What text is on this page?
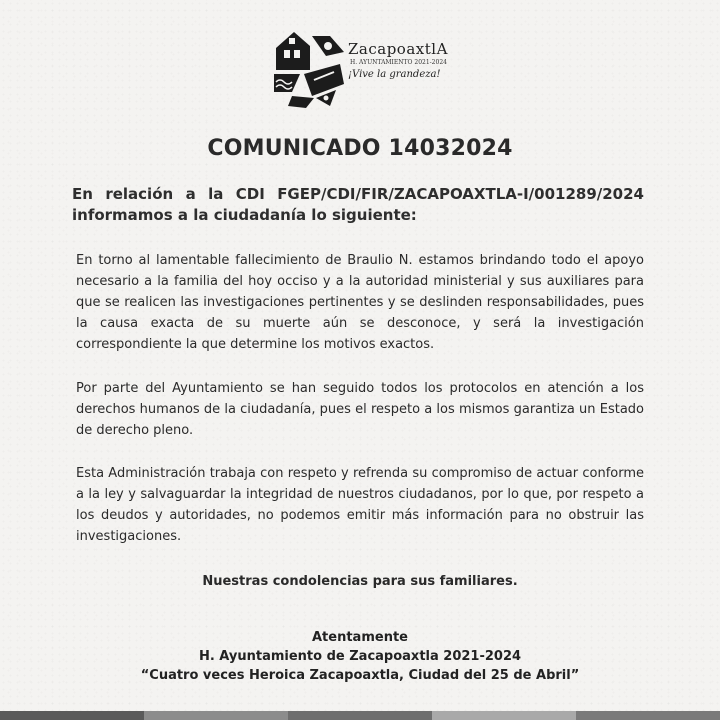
ZacapoaxtlA
H. AYUNTAMIENTO 2021-2024
¡Vive la grandeza!
COMUNICADO 14032024
En relación a la CDI FGEP/CDI/FIR/ZACAPOAXTLA-I/001289/2024 informamos a la ciudadanía lo siguiente:
En torno al lamentable fallecimiento de Braulio N. estamos brindando todo el apoyo necesario a la familia del hoy occiso y a la autoridad ministerial y sus auxiliares para que se realicen las investigaciones pertinentes y se deslinden responsabilidades, pues la causa exacta de su muerte aún se desconoce, y será la investigación correspondiente la que determine los motivos exactos.
Por parte del Ayuntamiento se han seguido todos los protocolos en atención a los derechos humanos de la ciudadanía, pues el respeto a los mismos garantiza un Estado de derecho pleno.
Esta Administración trabaja con respeto y refrenda su compromiso de actuar conforme a la ley y salvaguardar la integridad de nuestros ciudadanos, por lo que, por respeto a los deudos y autoridades, no podemos emitir más información para no obstruir las investigaciones.
Nuestras condolencias para sus familiares.
Atentamente
H. Ayuntamiento de Zacapoaxtla 2021-2024
“Cuatro veces Heroica Zacapoaxtla, Ciudad del 25 de Abril”
